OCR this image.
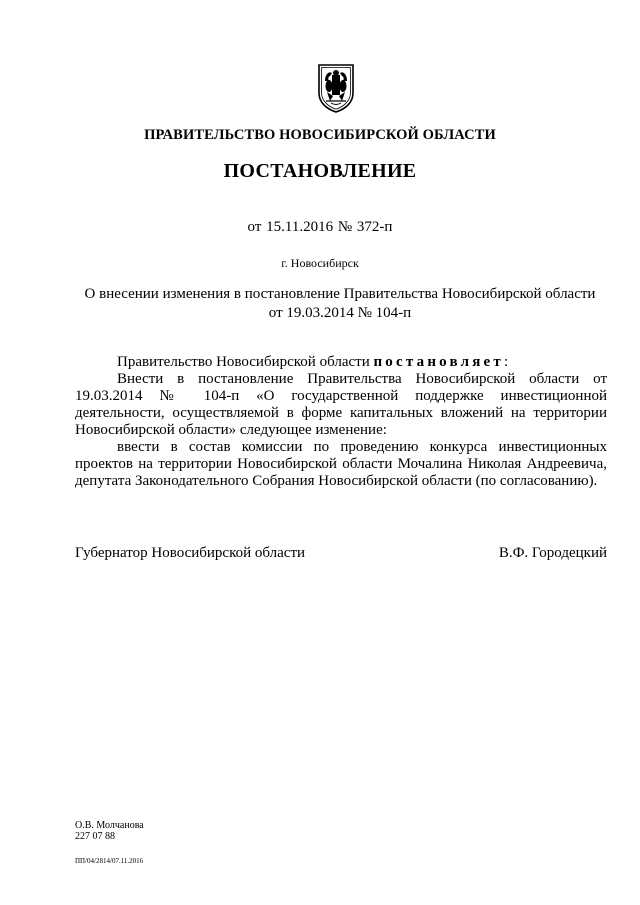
ПРАВИТЕЛЬСТВО НОВОСИБИРСКОЙ ОБЛАСТИ
ПОСТАНОВЛЕНИЕ
от 15.11.2016 № 372-п
г. Новосибирск
О внесении изменения в постановление Правительства Новосибирской области
от 19.03.2014 № 104-п

Правительство Новосибирской области постановляет:

Внести в постановление Правительства Новосибирской области от 19.03.2014 № 104-п «О государственной поддержке инвестиционной деятельности, осуществляемой в форме капитальных вложений на территории Новосибирской области» следующее изменение:

ввести в состав комиссии по проведению конкурса инвестиционных проектов на территории Новосибирской области Мочалина Николая Андреевича, депутата Законодательного Собрания Новосибирской области (по согласованию).

Губернатор Новосибирской области	В.Ф. Городецкий
О.В. Молчанова
227 07 88
ПП/04/2814/07.11.2016
